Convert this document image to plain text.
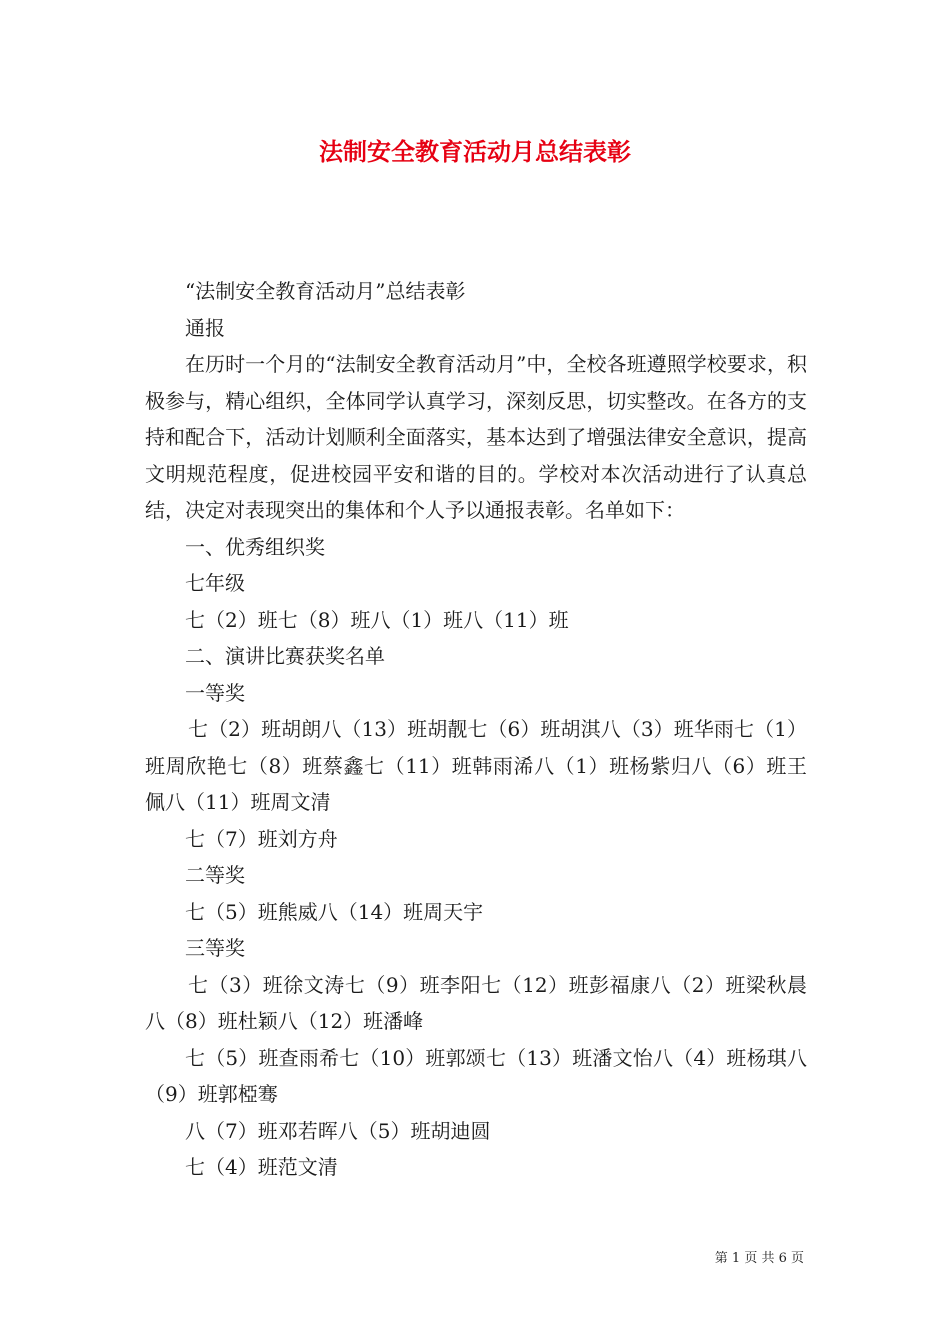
法制安全教育活动月总结表彰

“法制安全教育活动月”总结表彰

通报

在历时一个月的“法制安全教育活动月”中，全校各班遵照学校要求，积极参与，精心组织，全体同学认真学习，深刻反思，切实整改。在各方的支持和配合下，活动计划顺利全面落实，基本达到了增强法律安全意识，提高文明规范程度，促进校园平安和谐的目的。学校对本次活动进行了认真总结，决定对表现突出的集体和个人予以通报表彰。名单如下：

一、优秀组织奖

七年级

七（2）班七（8）班八（1）班八（11）班

二、演讲比赛获奖名单

一等奖

七（2）班胡朗八（13）班胡靓七（6）班胡淇八（3）班华雨七（1）班周欣艳七（8）班蔡鑫七（11）班韩雨浠八（1）班杨紫归八（6）班王佩八（11）班周文清

七（7）班刘方舟

二等奖

七（5）班熊威八（14）班周天宇

三等奖

七（3）班徐文涛七（9）班李阳七（12）班彭福康八（2）班梁秋晨八（8）班杜颖八（12）班潘峰

七（5）班查雨希七（10）班郭颂七（13）班潘文怡八（4）班杨琪八（9）班郭椏骞

八（7）班邓若晖八（5）班胡迪圆

七（4）班范文清

第 1 页 共 6 页
